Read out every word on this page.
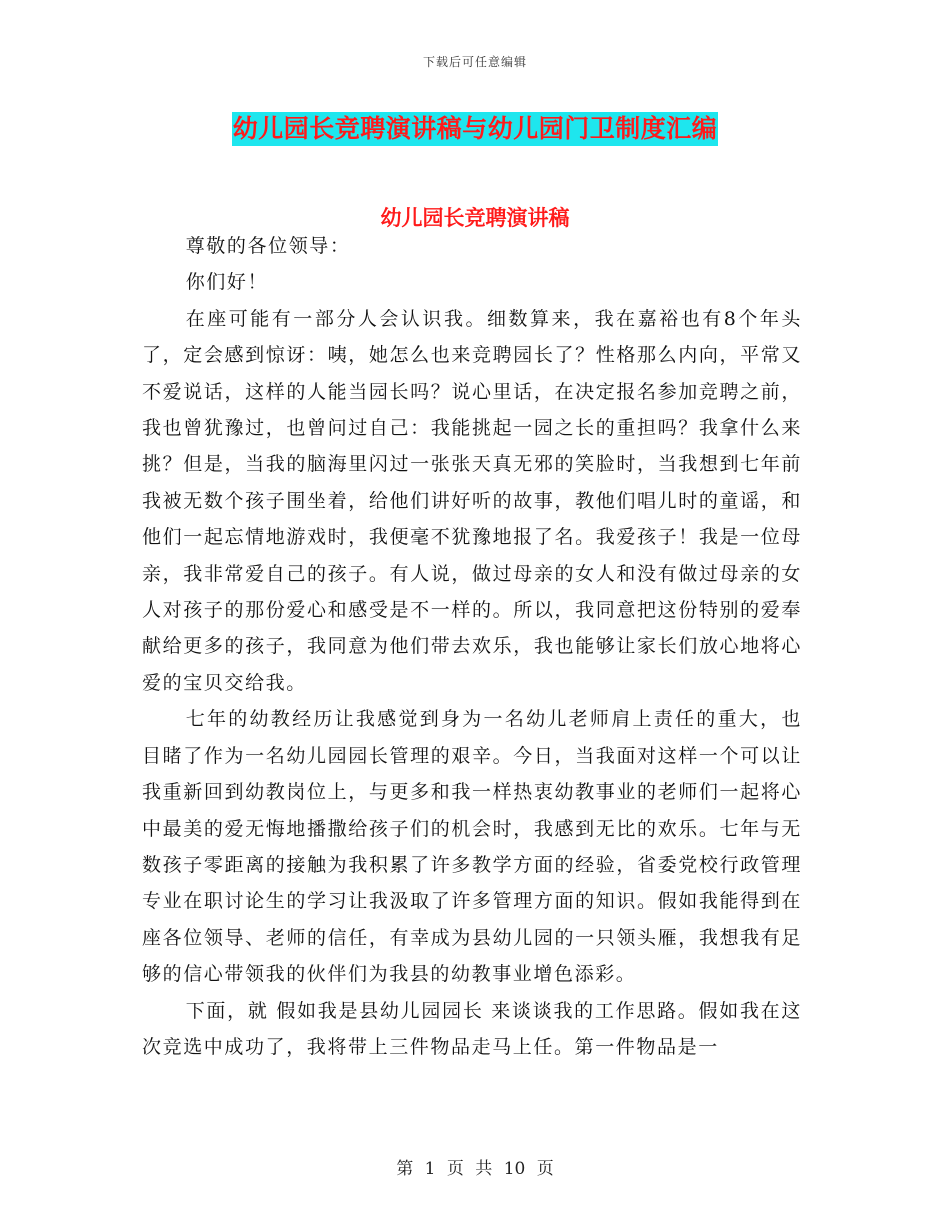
下载后可任意编辑
幼儿园长竞聘演讲稿与幼儿园门卫制度汇编
幼儿园长竞聘演讲稿

尊敬的各位领导：

你们好！

在座可能有一部分人会认识我。细数算来，我在嘉裕也有8个年头了，定会感到惊讶：咦，她怎么也来竞聘园长了？性格那么内向，平常又不爱说话，这样的人能当园长吗？说心里话，在决定报名参加竞聘之前，我也曾犹豫过，也曾问过自己：我能挑起一园之长的重担吗？我拿什么来挑？但是，当我的脑海里闪过一张张天真无邪的笑脸时，当我想到七年前我被无数个孩子围坐着，给他们讲好听的故事，教他们唱儿时的童谣，和他们一起忘情地游戏时，我便毫不犹豫地报了名。我爱孩子！我是一位母亲，我非常爱自己的孩子。有人说，做过母亲的女人和没有做过母亲的女人对孩子的那份爱心和感受是不一样的。所以，我同意把这份特别的爱奉献给更多的孩子，我同意为他们带去欢乐，我也能够让家长们放心地将心爱的宝贝交给我。

七年的幼教经历让我感觉到身为一名幼儿老师肩上责任的重大，也目睹了作为一名幼儿园园长管理的艰辛。今日，当我面对这样一个可以让我重新回到幼教岗位上，与更多和我一样热衷幼教事业的老师们一起将心中最美的爱无悔地播撒给孩子们的机会时，我感到无比的欢乐。七年与无数孩子零距离的接触为我积累了许多教学方面的经验，省委党校行政管理专业在职讨论生的学习让我汲取了许多管理方面的知识。假如我能得到在座各位领导、老师的信任，有幸成为县幼儿园的一只领头雁，我想我有足够的信心带领我的伙伴们为我县的幼教事业增色添彩。

下面，就 假如我是县幼儿园园长 来谈谈我的工作思路。假如我在这次竞选中成功了，我将带上三件物品走马上任。第一件物品是一

第 1 页 共 10 页
